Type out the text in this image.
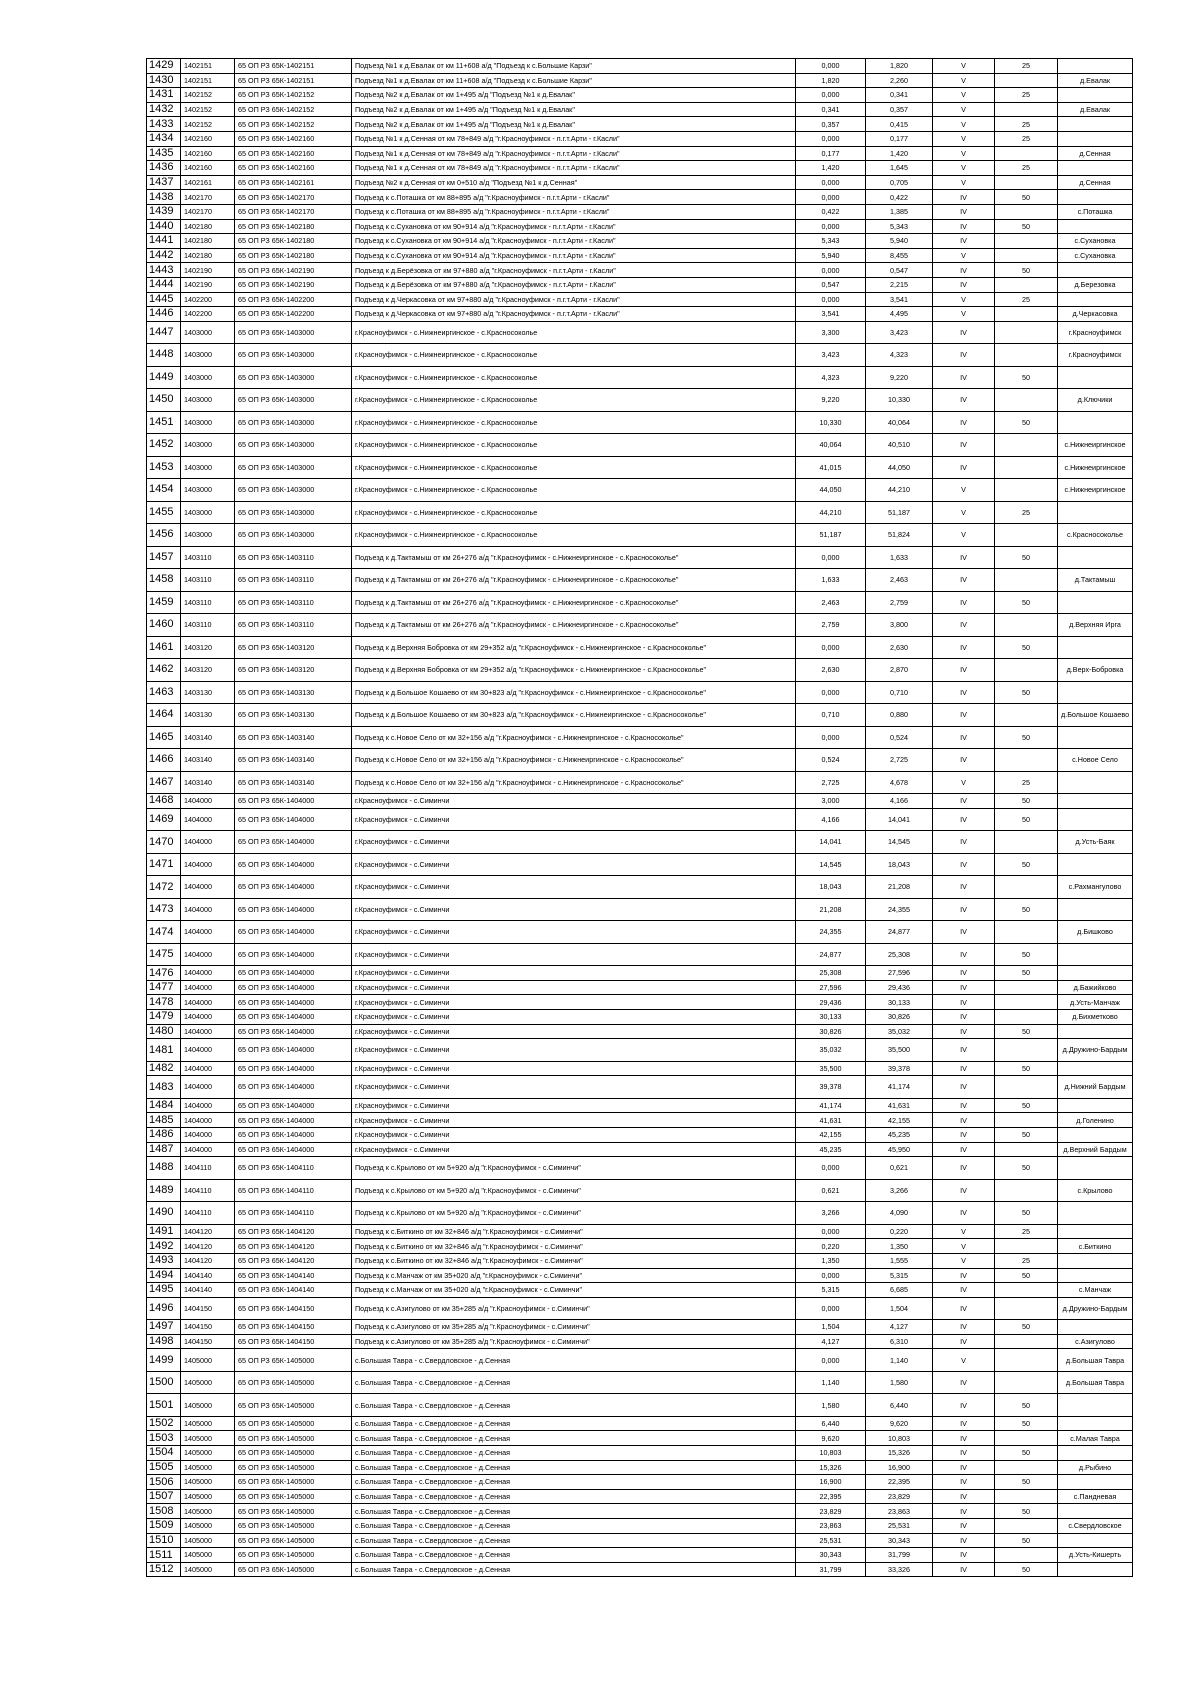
1429	1402151	65 ОП РЗ 65К-1402151	Подъезд №1 к д.Евалак от км 11+608 а/д "Подъезд к с.Большие Карзи"	0,000	1,820	V	25	
1430	1402151	65 ОП РЗ 65К-1402151	Подъезд №1 к д.Евалак от км 11+608 а/д "Подъезд к с.Большие Карзи"	1,820	2,260	V		д.Евалак
1431	1402152	65 ОП РЗ 65К-1402152	Подъезд №2 к д.Евалак от км 1+495 а/д "Подъезд №1 к д.Евалак"	0,000	0,341	V	25	
1432	1402152	65 ОП РЗ 65К-1402152	Подъезд №2 к д.Евалак от км 1+495 а/д "Подъезд №1 к д.Евалак"	0,341	0,357	V		д.Евалак
1433	1402152	65 ОП РЗ 65К-1402152	Подъезд №2 к д.Евалак от км 1+495 а/д "Подъезд №1 к д.Евалак"	0,357	0,415	V	25	
1434	1402160	65 ОП РЗ 65К-1402160	Подъезд №1 к д.Сенная от км 78+849 а/д "г.Красноуфимск - п.г.т.Арти - г.Касли"	0,000	0,177	V	25	
1435	1402160	65 ОП РЗ 65К-1402160	Подъезд №1 к д.Сенная от км 78+849 а/д "г.Красноуфимск - п.г.т.Арти - г.Касли"	0,177	1,420	V		д.Сенная
1436	1402160	65 ОП РЗ 65К-1402160	Подъезд №1 к д.Сенная от км 78+849 а/д "г.Красноуфимск - п.г.т.Арти - г.Касли"	1,420	1,645	V	25	
1437	1402161	65 ОП РЗ 65К-1402161	Подъезд №2 к д.Сенная от км 0+510 а/д "Подъезд №1 к д.Сенная"	0,000	0,705	V		д.Сенная
1438	1402170	65 ОП РЗ 65К-1402170	Подъезд к с.Поташка от км 88+895 а/д "г.Красноуфимск - п.г.т.Арти - г.Касли"	0,000	0,422	IV	50	
1439	1402170	65 ОП РЗ 65К-1402170	Подъезд к с.Поташка от км 88+895 а/д "г.Красноуфимск - п.г.т.Арти - г.Касли"	0,422	1,385	IV		с.Поташка
1440	1402180	65 ОП РЗ 65К-1402180	Подъезд к с.Сухановка от км 90+914 а/д "г.Красноуфимск - п.г.т.Арти - г.Касли"	0,000	5,343	IV	50	
1441	1402180	65 ОП РЗ 65К-1402180	Подъезд к с.Сухановка от км 90+914 а/д "г.Красноуфимск - п.г.т.Арти - г.Касли"	5,343	5,940	IV		с.Сухановка
1442	1402180	65 ОП РЗ 65К-1402180	Подъезд к с.Сухановка от км 90+914 а/д "г.Красноуфимск - п.г.т.Арти - г.Касли"	5,940	8,455	V		с.Сухановка
1443	1402190	65 ОП РЗ 65К-1402190	Подъезд к д.Берёзовка от км 97+880 а/д "г.Красноуфимск - п.г.т.Арти - г.Касли"	0,000	0,547	IV	50	
1444	1402190	65 ОП РЗ 65К-1402190	Подъезд к д.Берёзовка от км 97+880 а/д "г.Красноуфимск - п.г.т.Арти - г.Касли"	0,547	2,215	IV		д.Березовка
1445	1402200	65 ОП РЗ 65К-1402200	Подъезд к д.Черкасовка от км 97+880 а/д "г.Красноуфимск - п.г.т.Арти - г.Касли"	0,000	3,541	V	25	
1446	1402200	65 ОП РЗ 65К-1402200	Подъезд к д.Черкасовка от км 97+880 а/д "г.Красноуфимск - п.г.т.Арти - г.Касли"	3,541	4,495	V		д.Черкасовка
1447	1403000	65 ОП РЗ 65К-1403000	г.Красноуфимск - с.Нижнеиргинское - с.Красносокольe	3,300	3,423	IV		г.Красноуфимск
1448	1403000	65 ОП РЗ 65К-1403000	г.Красноуфимск - с.Нижнеиргинское - с.Красносокольe	3,423	4,323	IV		г.Красноуфимск
1449	1403000	65 ОП РЗ 65К-1403000	г.Красноуфимск - с.Нижнеиргинское - с.Красносокольe	4,323	9,220	IV	50	
1450	1403000	65 ОП РЗ 65К-1403000	г.Красноуфимск - с.Нижнеиргинское - с.Красносокольe	9,220	10,330	IV		д.Ключики
1451	1403000	65 ОП РЗ 65К-1403000	г.Красноуфимск - с.Нижнеиргинское - с.Красносокольe	10,330	40,064	IV	50	
1452	1403000	65 ОП РЗ 65К-1403000	г.Красноуфимск - с.Нижнеиргинское - с.Красносокольe	40,064	40,510	IV		с.Нижнеиргинское
1453	1403000	65 ОП РЗ 65К-1403000	г.Красноуфимск - с.Нижнеиргинское - с.Красносокольe	41,015	44,050	IV		с.Нижнеиргинское
1454	1403000	65 ОП РЗ 65К-1403000	г.Красноуфимск - с.Нижнеиргинское - с.Красносокольe	44,050	44,210	V		с.Нижнеиргинское
1455	1403000	65 ОП РЗ 65К-1403000	г.Красноуфимск - с.Нижнеиргинское - с.Красносокольe	44,210	51,187	V	25	
1456	1403000	65 ОП РЗ 65К-1403000	г.Красноуфимск - с.Нижнеиргинское - с.Красносокольe	51,187	51,824	V		с.Красносокольe
1457	1403110	65 ОП РЗ 65К-1403110	Подъезд к д.Тактамыш от км 26+276 а/д "г.Красноуфимск - с.Нижнеиргинское - с.Красносокольe"	0,000	1,633	IV	50	
1458	1403110	65 ОП РЗ 65К-1403110	Подъезд к д.Тактамыш от км 26+276 а/д "г.Красноуфимск - с.Нижнеиргинское - с.Красносокольe"	1,633	2,463	IV		д.Тактамыш
1459	1403110	65 ОП РЗ 65К-1403110	Подъезд к д.Тактамыш от км 26+276 а/д "г.Красноуфимск - с.Нижнеиргинское - с.Красносокольe"	2,463	2,759	IV	50	
1460	1403110	65 ОП РЗ 65К-1403110	Подъезд к д.Тактамыш от км 26+276 а/д "г.Красноуфимск - с.Нижнеиргинское - с.Красносокольe"	2,759	3,800	IV		д.Верхняя Ирга
1461	1403120	65 ОП РЗ 65К-1403120	Подъезд к д.Верхняя Бобровка от км 29+352 а/д "г.Красноуфимск - с.Нижнеиргинское - с.Красносокольe"	0,000	2,630	IV	50	
1462	1403120	65 ОП РЗ 65К-1403120	Подъезд к д.Верхняя Бобровка от км 29+352 а/д "г.Красноуфимск - с.Нижнеиргинское - с.Красносокольe"	2,630	2,870	IV		д.Верх-Бобровка
1463	1403130	65 ОП РЗ 65К-1403130	Подъезд к д.Большое Кошаево от км 30+823 а/д "г.Красноуфимск - с.Нижнеиргинское - с.Красносокольe"	0,000	0,710	IV	50	
1464	1403130	65 ОП РЗ 65К-1403130	Подъезд к д.Большое Кошаево от км 30+823 а/д "г.Красноуфимск - с.Нижнеиргинское - с.Красносокольe"	0,710	0,880	IV		д.Большое Кошаево
1465	1403140	65 ОП РЗ 65К-1403140	Подъезд к с.Новое Село от км 32+156 а/д "г.Красноуфимск - с.Нижнеиргинское - с.Красносокольe"	0,000	0,524	IV	50	
1466	1403140	65 ОП РЗ 65К-1403140	Подъезд к с.Новое Село от км 32+156 а/д "г.Красноуфимск - с.Нижнеиргинское - с.Красносокольe"	0,524	2,725	IV		с.Новое Село
1467	1403140	65 ОП РЗ 65К-1403140	Подъезд к с.Новое Село от км 32+156 а/д "г.Красноуфимск - с.Нижнеиргинское - с.Красносокольe"	2,725	4,678	V	25	
1468	1404000	65 ОП РЗ 65К-1404000	г.Красноуфимск - с.Симинчи	3,000	4,166	IV	50	
1469	1404000	65 ОП РЗ 65К-1404000	г.Красноуфимск - с.Симинчи	4,166	14,041	IV	50	
1470	1404000	65 ОП РЗ 65К-1404000	г.Красноуфимск - с.Симинчи	14,041	14,545	IV		д.Усть-Баяк
1471	1404000	65 ОП РЗ 65К-1404000	г.Красноуфимск - с.Симинчи	14,545	18,043	IV	50	
1472	1404000	65 ОП РЗ 65К-1404000	г.Красноуфимск - с.Симинчи	18,043	21,208	IV		с.Рахмангулово
1473	1404000	65 ОП РЗ 65К-1404000	г.Красноуфимск - с.Симинчи	21,208	24,355	IV	50	
1474	1404000	65 ОП РЗ 65К-1404000	г.Красноуфимск - с.Симинчи	24,355	24,877	IV		д.Бишково
1475	1404000	65 ОП РЗ 65К-1404000	г.Красноуфимск - с.Симинчи	24,877	25,308	IV	50	
1476	1404000	65 ОП РЗ 65К-1404000	г.Красноуфимск - с.Симинчи	25,308	27,596	IV	50	
1477	1404000	65 ОП РЗ 65К-1404000	г.Красноуфимск - с.Симинчи	27,596	29,436	IV		д.Бажийково
1478	1404000	65 ОП РЗ 65К-1404000	г.Красноуфимск - с.Симинчи	29,436	30,133	IV		д.Усть-Манчаж
1479	1404000	65 ОП РЗ 65К-1404000	г.Красноуфимск - с.Симинчи	30,133	30,826	IV		д.Бихметково
1480	1404000	65 ОП РЗ 65К-1404000	г.Красноуфимск - с.Симинчи	30,826	35,032	IV	50	
1481	1404000	65 ОП РЗ 65К-1404000	г.Красноуфимск - с.Симинчи	35,032	35,500	IV		д.Дружино-Бардым
1482	1404000	65 ОП РЗ 65К-1404000	г.Красноуфимск - с.Симинчи	35,500	39,378	IV	50	
1483	1404000	65 ОП РЗ 65К-1404000	г.Красноуфимск - с.Симинчи	39,378	41,174	IV		д.Нижний Бардым
1484	1404000	65 ОП РЗ 65К-1404000	г.Красноуфимск - с.Симинчи	41,174	41,631	IV	50	
1485	1404000	65 ОП РЗ 65К-1404000	г.Красноуфимск - с.Симинчи	41,631	42,155	IV		д.Голенино
1486	1404000	65 ОП РЗ 65К-1404000	г.Красноуфимск - с.Симинчи	42,155	45,235	IV	50	
1487	1404000	65 ОП РЗ 65К-1404000	г.Красноуфимск - с.Симинчи	45,235	45,950	IV		д.Верхний Бардым
1488	1404110	65 ОП РЗ 65К-1404110	Подъезд к с.Крылово от км 5+920 а/д "г.Красноуфимск - с.Симинчи"	0,000	0,621	IV	50	
1489	1404110	65 ОП РЗ 65К-1404110	Подъезд к с.Крылово от км 5+920 а/д "г.Красноуфимск - с.Симинчи"	0,621	3,266	IV		с.Крылово
1490	1404110	65 ОП РЗ 65К-1404110	Подъезд к с.Крылово от км 5+920 а/д "г.Красноуфимск - с.Симинчи"	3,266	4,090	IV	50	
1491	1404120	65 ОП РЗ 65К-1404120	Подъезд к с.Биткино от км 32+846 а/д "г.Красноуфимск - с.Симинчи"	0,000	0,220	V	25	
1492	1404120	65 ОП РЗ 65К-1404120	Подъезд к с.Биткино от км 32+846 а/д "г.Красноуфимск - с.Симинчи"	0,220	1,350	V		с.Биткино
1493	1404120	65 ОП РЗ 65К-1404120	Подъезд к с.Биткино от км 32+846 а/д "г.Красноуфимск - с.Симинчи"	1,350	1,555	V	25	
1494	1404140	65 ОП РЗ 65К-1404140	Подъезд к с.Манчаж от км 35+020 а/д "г.Красноуфимск - с.Симинчи"	0,000	5,315	IV	50	
1495	1404140	65 ОП РЗ 65К-1404140	Подъезд к с.Манчаж от км 35+020 а/д "г.Красноуфимск - с.Симинчи"	5,315	6,685	IV		с.Манчаж
1496	1404150	65 ОП РЗ 65К-1404150	Подъезд к с.Азигулово от км 35+285 а/д "г.Красноуфимск - с.Симинчи"	0,000	1,504	IV		д.Дружино-Бардым
1497	1404150	65 ОП РЗ 65К-1404150	Подъезд к с.Азигулово от км 35+285 а/д "г.Красноуфимск - с.Симинчи"	1,504	4,127	IV	50	
1498	1404150	65 ОП РЗ 65К-1404150	Подъезд к с.Азигулово от км 35+285 а/д "г.Красноуфимск - с.Симинчи"	4,127	6,310	IV		с.Азигулово
1499	1405000	65 ОП РЗ 65К-1405000	с.Большая Тавра - с.Свердловское - д.Сенная	0,000	1,140	V		д.Большая Тавра
1500	1405000	65 ОП РЗ 65К-1405000	с.Большая Тавра - с.Свердловское - д.Сенная	1,140	1,580	IV		д.Большая Тавра
1501	1405000	65 ОП РЗ 65К-1405000	с.Большая Тавра - с.Свердловское - д.Сенная	1,580	6,440	IV	50	
1502	1405000	65 ОП РЗ 65К-1405000	с.Большая Тавра - с.Свердловское - д.Сенная	6,440	9,620	IV	50	
1503	1405000	65 ОП РЗ 65К-1405000	с.Большая Тавра - с.Свердловское - д.Сенная	9,620	10,803	IV		с.Малая Тавра
1504	1405000	65 ОП РЗ 65К-1405000	с.Большая Тавра - с.Свердловское - д.Сенная	10,803	15,326	IV	50	
1505	1405000	65 ОП РЗ 65К-1405000	с.Большая Тавра - с.Свердловское - д.Сенная	15,326	16,900	IV		д.Рыбино
1506	1405000	65 ОП РЗ 65К-1405000	с.Большая Тавра - с.Свердловское - д.Сенная	16,900	22,395	IV	50	
1507	1405000	65 ОП РЗ 65К-1405000	с.Большая Тавра - с.Свердловское - д.Сенная	22,395	23,829	IV		с.Пандневая
1508	1405000	65 ОП РЗ 65К-1405000	с.Большая Тавра - с.Свердловское - д.Сенная	23,829	23,863	IV	50	
1509	1405000	65 ОП РЗ 65К-1405000	с.Большая Тавра - с.Свердловское - д.Сенная	23,863	25,531	IV		с.Свердловское
1510	1405000	65 ОП РЗ 65К-1405000	с.Большая Тавра - с.Свердловское - д.Сенная	25,531	30,343	IV	50	
1511	1405000	65 ОП РЗ 65К-1405000	с.Большая Тавра - с.Свердловское - д.Сенная	30,343	31,799	IV		д.Усть-Кишерть
1512	1405000	65 ОП РЗ 65К-1405000	с.Большая Тавра - с.Свердловское - д.Сенная	31,799	33,326	IV	50	
